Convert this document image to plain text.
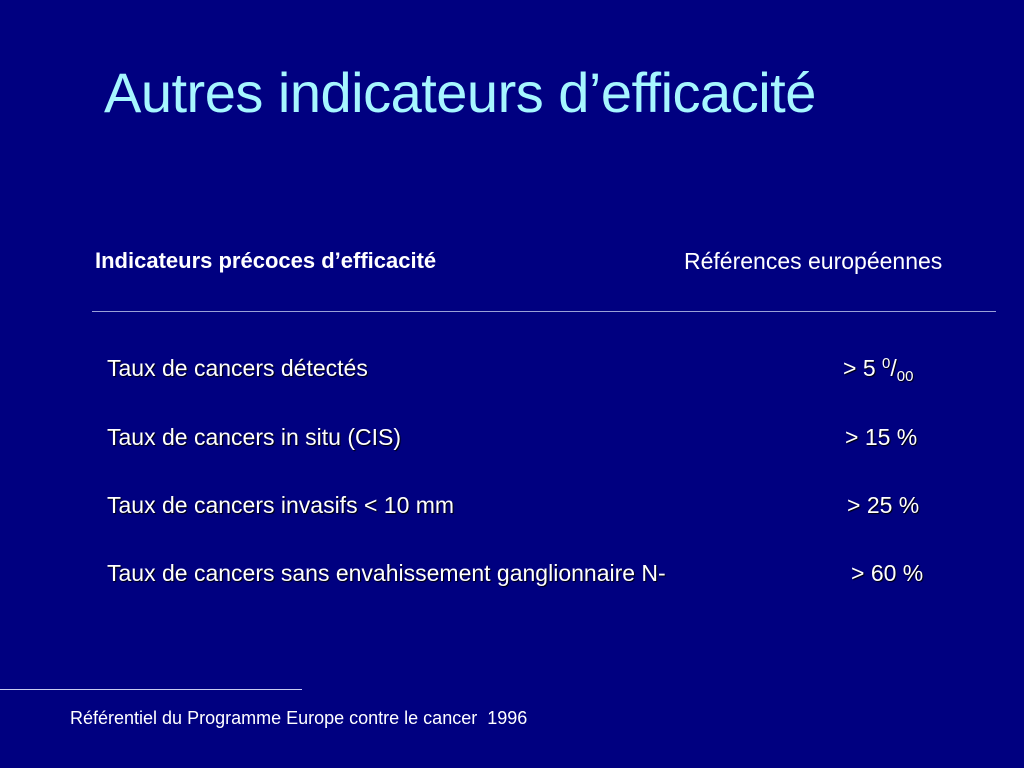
Autres indicateurs d’efficacité
Indicateurs précoces d’efficacité	Références européennes
Taux de cancers détectés	> 5 $^0/_{00}$
Taux de cancers in situ (CIS)	> 15 %
Taux de cancers invasifs < 10 mm	> 25 %
Taux de cancers sans envahissement ganglionnaire N-	> 60 %
Référentiel du Programme Europe contre le cancer  1996
